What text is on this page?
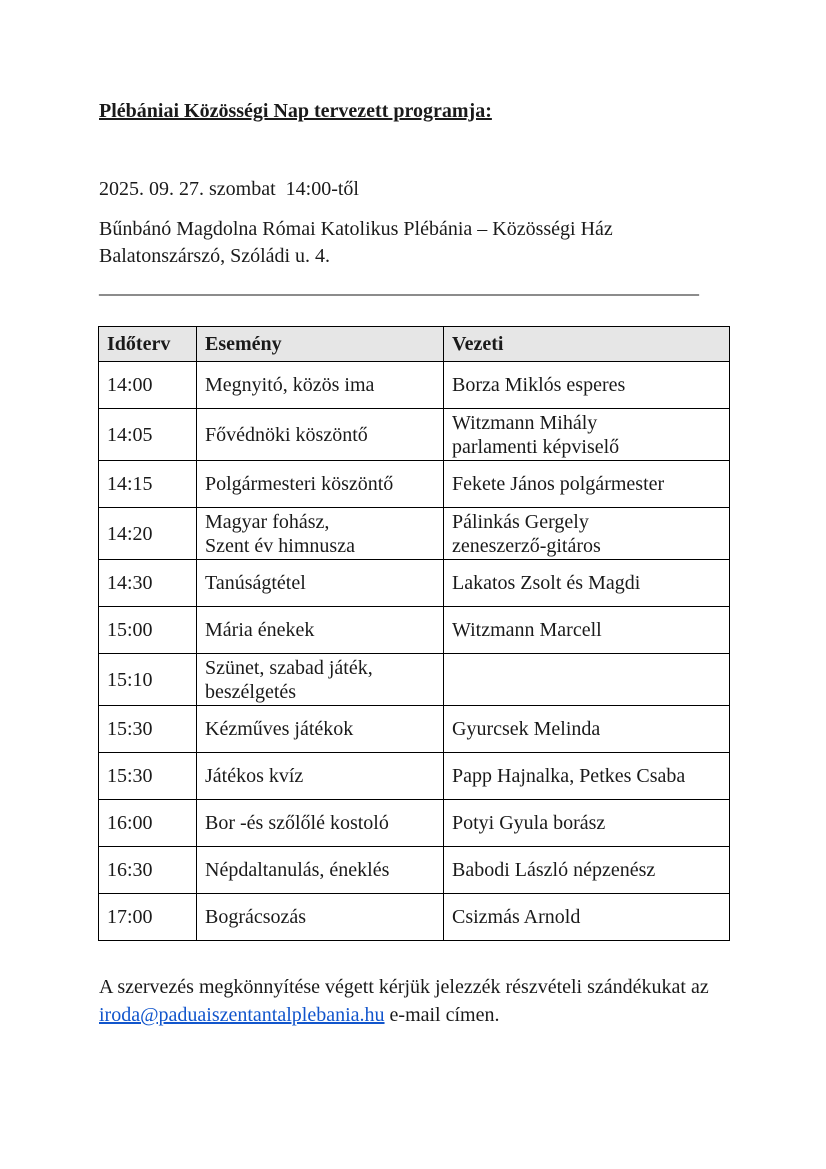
Plébániai Közösségi Nap tervezett programja:
2025. 09. 27. szombat  14:00-től
Bűnbánó Magdolna Római Katolikus Plébánia – Közösségi Ház
Balatonszárszó, Szóládi u. 4.
____________________________________________________________
Időterv	Esemény	Vezeti
14:00	Megnyitó, közös ima	Borza Miklós esperes
14:05	Fővédnöki köszöntő	Witzmann Mihály
parlamenti képviselő
14:15	Polgármesteri köszöntő	Fekete János polgármester
14:20	Magyar fohász,
Szent év himnusza	Pálinkás Gergely
zeneszerző-gitáros
14:30	Tanúságtétel	Lakatos Zsolt és Magdi
15:00	Mária énekek	Witzmann Marcell
15:10	Szünet, szabad játék,
beszélgetés	
15:30	Kézműves játékok	Gyurcsek Melinda
15:30	Játékos kvíz	Papp Hajnalka, Petkes Csaba
16:00	Bor -és szőlőlé kostoló	Potyi Gyula borász
16:30	Népdaltanulás, éneklés	Babodi László népzenész
17:00	Bográcsozás	Csizmás Arnold
A szervezés megkönnyítése végett kérjük jelezzék részvételi szándékukat az iroda@paduaiszentantalplebania.hu e-mail címen.
